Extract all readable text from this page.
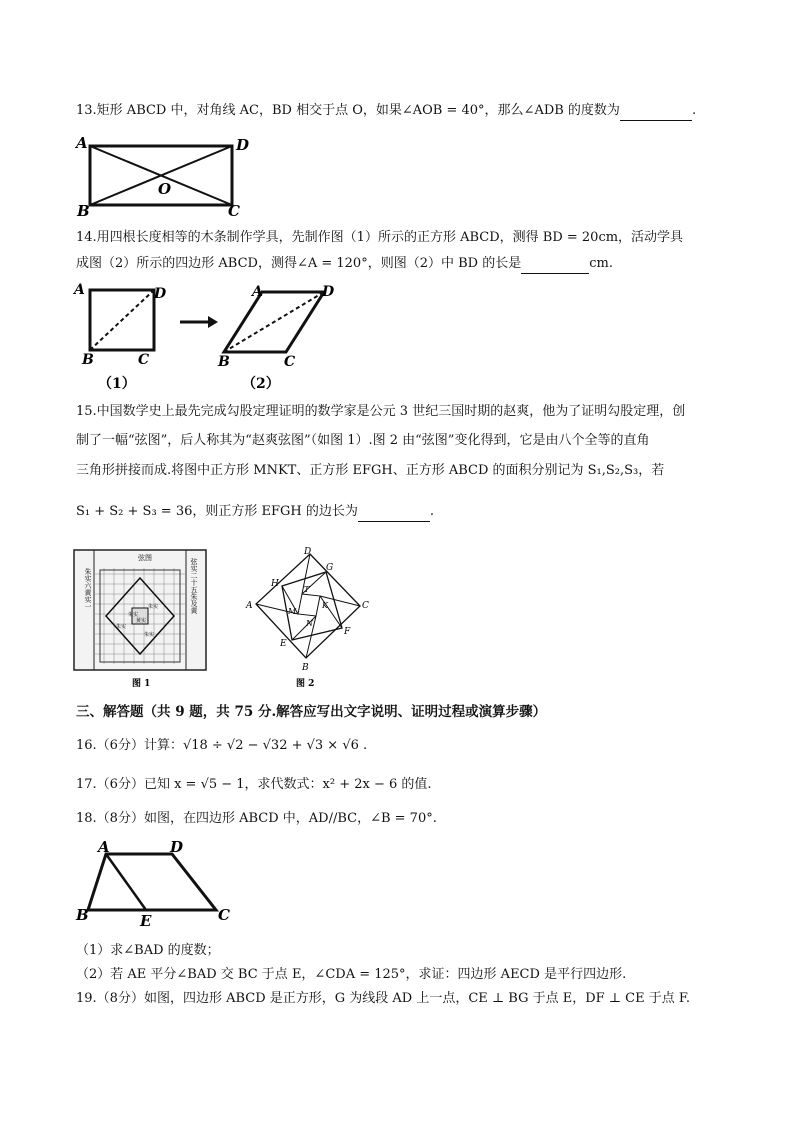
13.矩形 ABCD 中，对角线 AC，BD 相交于点 O，如果∠AOB = 40°，那么∠ADB 的度数为	.
A	D
B	C
O
14.用四根长度相等的木条制作学具，先制作图（1）所示的正方形 ABCD，测得 BD = 20cm，活动学具
成图（2）所示的四边形 ABCD，测得∠A = 120°，则图（2）中 BD 的长是	cm.
A	D
B	C
（1）
A	D
B	C
（2）
15.中国数学史上最先完成勾股定理证明的数学家是公元 3 世纪三国时期的赵爽，他为了证明勾股定理，创
制了一幅“弦图”，后人称其为“赵爽弦图”（如图 1）.图 2 由“弦图”变化得到，它是由八个全等的直角
三角形拼接而成.将图中正方形 MNKT、正方形 EFGH、正方形 ABCD 的面积分别记为 S₁,S₂,S₃，若
S₁ + S₂ + S₃ = 36，则正方形 EFGH 的边长为	.
朱实六黄实一
弦图	弦实二十五朱及黄
朱实
黄实
朱实
朱实
朱实
图 1
D
C
B
A
H
G
F
E
M
N
K
T
图 2
三、解答题（共 9 题，共 75 分.解答应写出文字说明、证明过程或演算步骤）
16.（6分）计算：√18 ÷ √2 − √32 + √3 × √6 .
17.（6分）已知 x = √5 − 1，求代数式：x² + 2x − 6 的值.
18.（8分）如图，在四边形 ABCD 中，AD//BC，∠B = 70°.
A	D
B	E	C
（1）求∠BAD 的度数；
（2）若 AE 平分∠BAD 交 BC 于点 E，∠CDA = 125°，求证：四边形 AECD 是平行四边形.
19.（8分）如图，四边形 ABCD 是正方形，G 为线段 AD 上一点，CE ⊥ BG 于点 E，DF ⊥ CE 于点 F.
